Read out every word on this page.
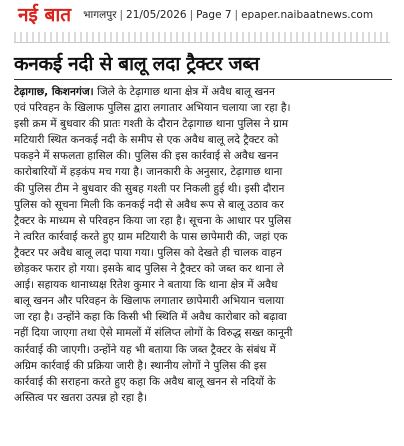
नई बात भागलपुर | 21/05/2026 | Page 7 | epaper.naibaatnews.com
कनकई नदी से बालू लदा ट्रैक्टर जब्त
टेढ़ागाछ, किशनगंज। जिले के टेढ़ागाछ थाना क्षेत्र में अवैध बालू खनन
एवं परिवहन के खिलाफ पुलिस द्वारा लगातार अभियान चलाया जा रहा है।
इसी क्रम में बुधवार की प्रातः गश्ती के दौरान टेढ़ागाछ थाना पुलिस ने ग्राम
मटियारी स्थित कनकई नदी के समीप से एक अवैध बालू लदे ट्रैक्टर को
पकड़ने में सफलता हासिल की। पुलिस की इस कार्रवाई से अवैध खनन
कारोबारियों में हड़कंप मच गया है। जानकारी के अनुसार, टेढ़ागाछ थाना
की पुलिस टीम ने बुधवार की सुबह गश्ती पर निकली हुई थी। इसी दौरान
पुलिस को सूचना मिली कि कनकई नदी से अवैध रूप से बालू उठाव कर
ट्रैक्टर के माध्यम से परिवहन किया जा रहा है। सूचना के आधार पर पुलिस
ने त्वरित कार्रवाई करते हुए ग्राम मटियारी के पास छापेमारी की, जहां एक
ट्रैक्टर पर अवैध बालू लदा पाया गया। पुलिस को देखते ही चालक वाहन
छोड़कर फरार हो गया। इसके बाद पुलिस ने ट्रैक्टर को जब्त कर थाना ले
आई। सहायक थानाध्यक्ष रितेश कुमार ने बताया कि थाना क्षेत्र में अवैध
बालू खनन और परिवहन के खिलाफ लगातार छापेमारी अभियान चलाया
जा रहा है। उन्होंने कहा कि किसी भी स्थिति में अवैध कारोबार को बढ़ावा
नहीं दिया जाएगा तथा ऐसे मामलों में संलिप्त लोगों के विरुद्ध सख्त कानूनी
कार्रवाई की जाएगी। उन्होंने यह भी बताया कि जब्त ट्रैक्टर के संबंध में
अग्रिम कार्रवाई की प्रक्रिया जारी है। स्थानीय लोगों ने पुलिस की इस
कार्रवाई की सराहना करते हुए कहा कि अवैध बालू खनन से नदियों के
अस्तित्व पर खतरा उत्पन्न हो रहा है।
